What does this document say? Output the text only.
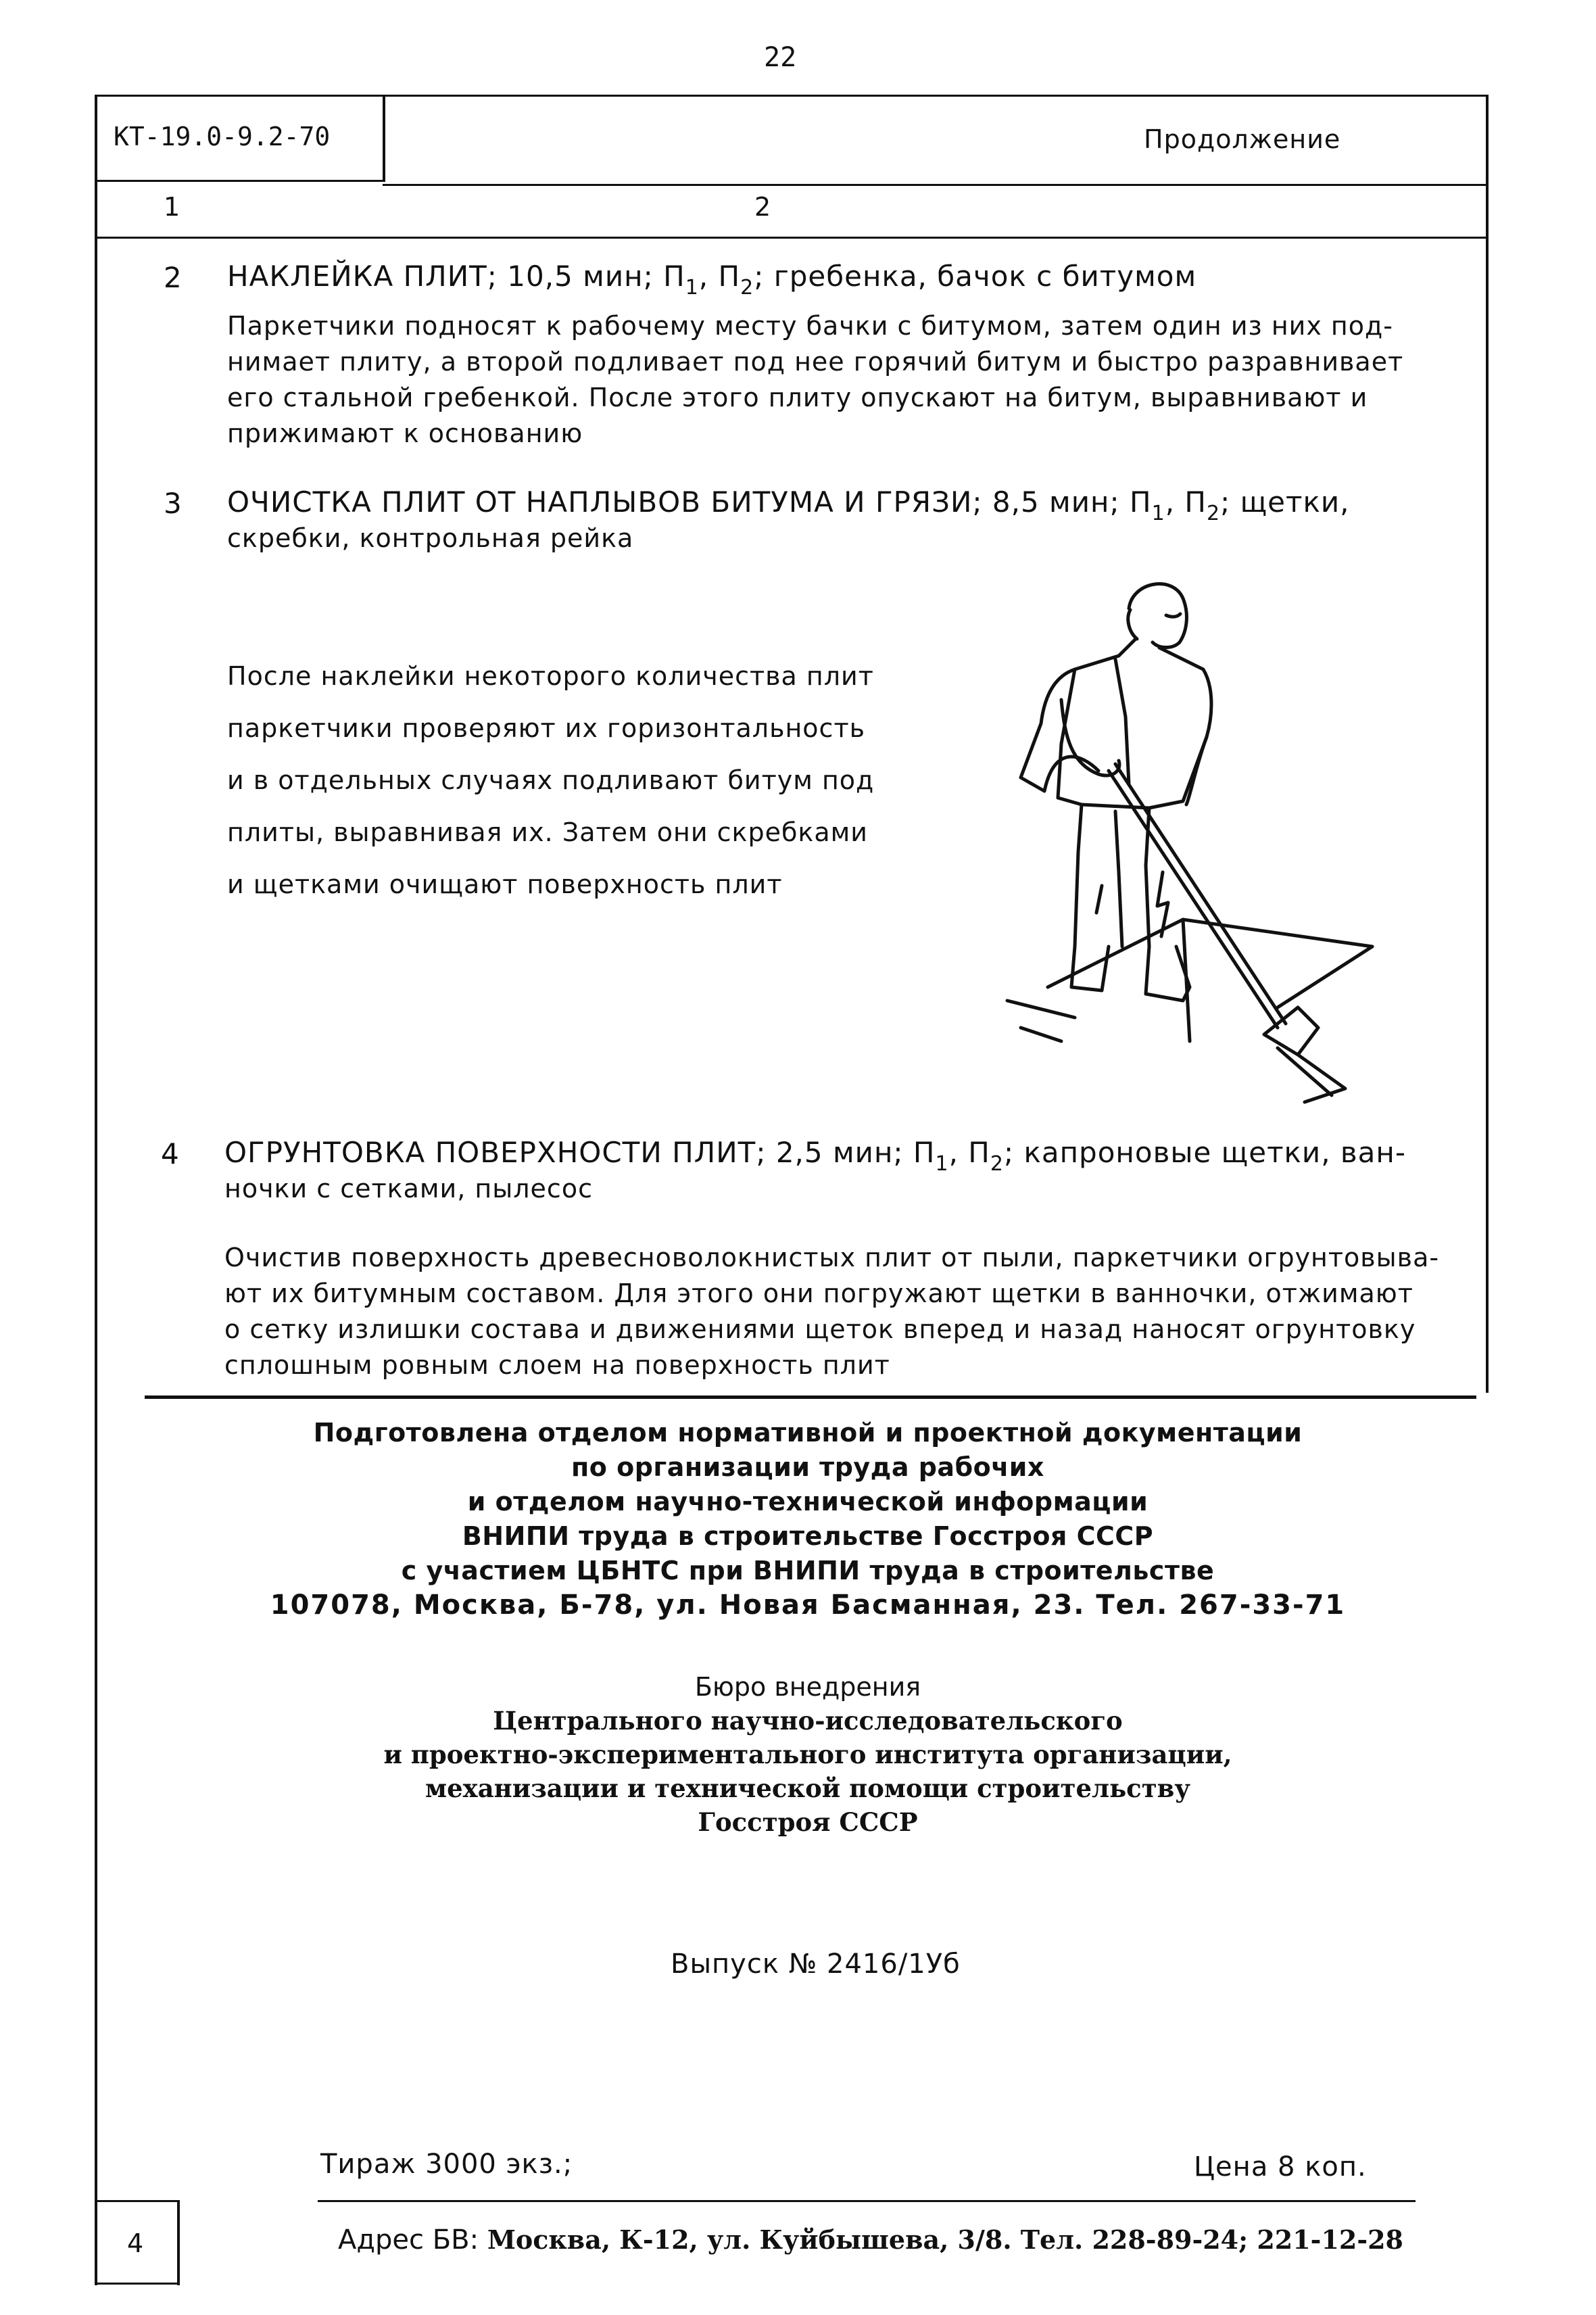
22
КТ-19.0-9.2-70	Продолжение
1	2
2 НАКЛЕЙКА ПЛИТ; 10,5 мин; $П_1$, $П_2$; гребенка, бачок с битумом
Паркетчики подносят к рабочему месту бачки с битумом, затем один из них под-
нимает плиту, а второй подливает под нее горячий битум и быстро разравнивает
его стальной гребенкой. После этого плиту опускают на битум, выравнивают и
прижимают к основанию
3 ОЧИСТКА ПЛИТ ОТ НАПЛЫВОВ БИТУМА И ГРЯЗИ; 8,5 мин; $П_1$, $П_2$; щетки,
скребки, контрольная рейка
После наклейки некоторого количества плит
паркетчики проверяют их горизонтальность
и в отдельных случаях подливают битум под
плиты, выравнивая их. Затем они скребками
и щетками очищают поверхность плит
4 ОГРУНТОВКА ПОВЕРХНОСТИ ПЛИТ; 2,5 мин; $П_1$, $П_2$; капроновые щетки, ван-
ночки с сетками, пылесос
Очистив поверхность древесноволокнистых плит от пыли, паркетчики огрунтовыва-
ют их битумным составом. Для этого они погружают щетки в ванночки, отжимают
о сетку излишки состава и движениями щеток вперед и назад наносят огрунтовку
сплошным ровным слоем на поверхность плит
Подготовлена отделом нормативной и проектной документации
по организации труда рабочих
и отделом научно-технической информации
ВНИПИ труда в строительстве Госстроя СССР
с участием ЦБНТС при ВНИПИ труда в строительстве
107078, Москва, Б-78, ул. Новая Басманная, 23. Тел. 267-33-71
Бюро внедрения
Центрального научно-исследовательского
и проектно-экспериментального института организации,
механизации и технической помощи строительству
Госстроя СССР
Выпуск № 2416/1Уб
Тираж 3000 экз.;	Цена 8 коп.
4	Адрес БВ: Москва, К-12, ул. Куйбышева, 3/8. Тел. 228-89-24; 221-12-28
